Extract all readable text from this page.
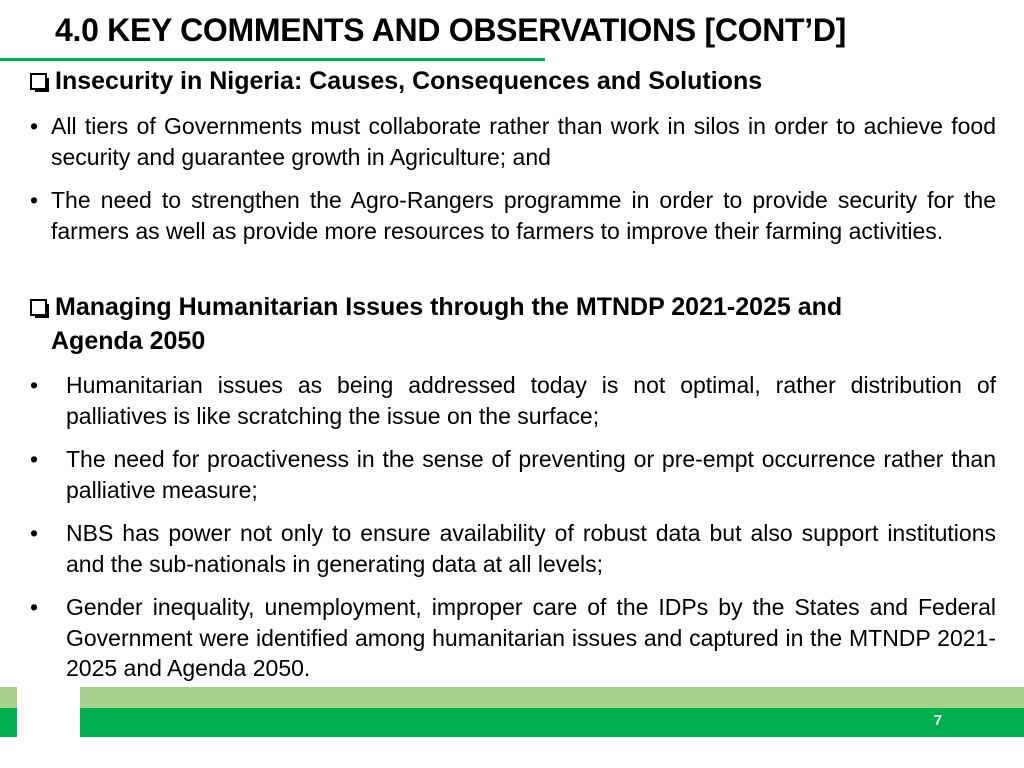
4.0 KEY COMMENTS AND OBSERVATIONS [CONT’D]
Insecurity in Nigeria: Causes, Consequences and Solutions
• All tiers of Governments must collaborate rather than work in silos in order to achieve food security and guarantee growth in Agriculture; and
• The need to strengthen the Agro-Rangers programme in order to provide security for the farmers as well as provide more resources to farmers to improve their farming activities.
Managing Humanitarian Issues through the MTNDP 2021-2025 and
Agenda 2050
• Humanitarian issues as being addressed today is not optimal, rather distribution of palliatives is like scratching the issue on the surface;
• The need for proactiveness in the sense of preventing or pre-empt occurrence rather than palliative measure;
• NBS has power not only to ensure availability of robust data but also support institutions and the sub-nationals in generating data at all levels;
• Gender inequality, unemployment, improper care of the IDPs by the States and Federal Government were identified among humanitarian issues and captured in the MTNDP 2021-2025 and Agenda 2050.
7
